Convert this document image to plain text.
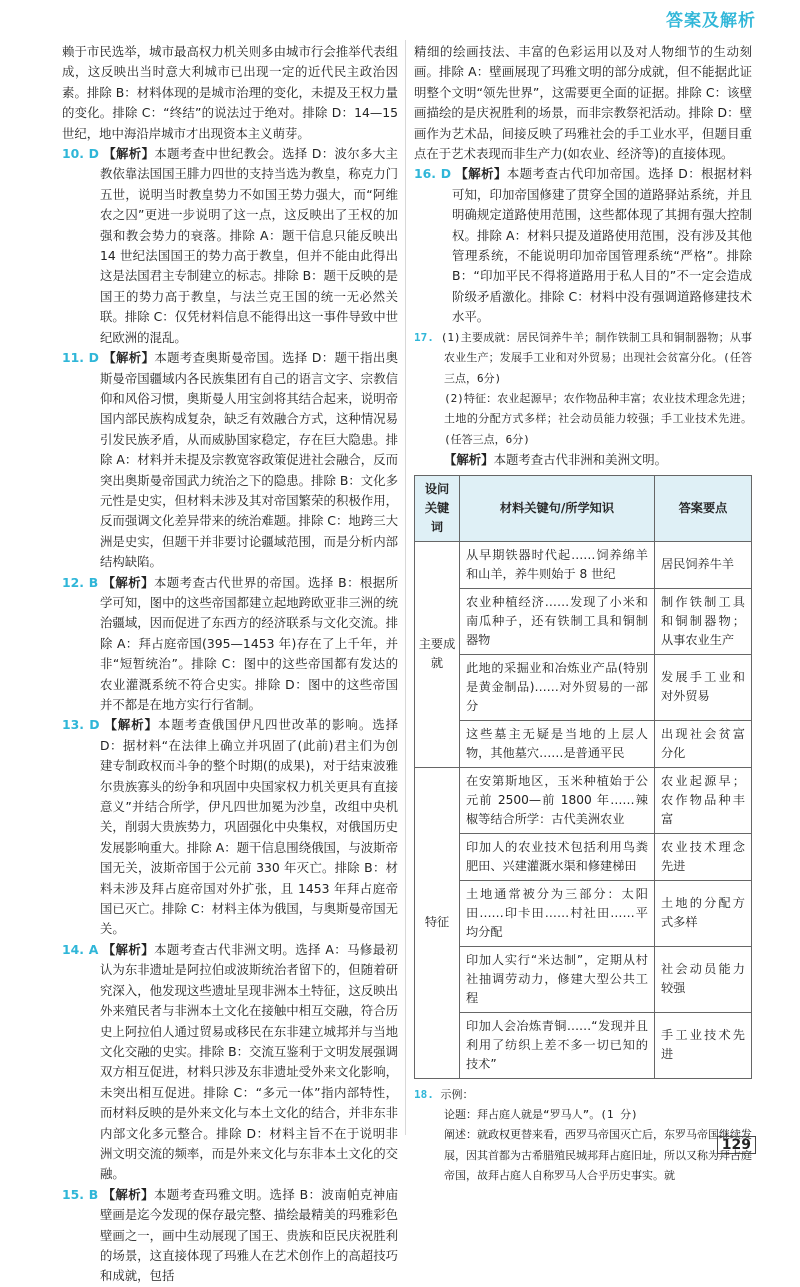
答案及解析

赖于市民选举，城市最高权力机关则多由城市行会推举代表组成，这反映出当时意大利城市已出现一定的近代民主政治因素。排除 B：材料体现的是城市治理的变化，未提及王权力量的变化。排除 C：“终结”的说法过于绝对。排除 D：14—15世纪，地中海沿岸城市才出现资本主义萌芽。

10. D 【解析】本题考查中世纪教会。选择 D：波尔多大主教依靠法国国王腓力四世的支持当选为教皇，称克力门五世，说明当时教皇势力不如国王势力强大，而“阿维农之囚”更进一步说明了这一点，这反映出了王权的加强和教会势力的衰落。排除 A：题干信息只能反映出 14 世纪法国国王的势力高于教皇，但并不能由此得出这是法国君主专制建立的标志。排除 B：题干反映的是国王的势力高于教皇，与法兰克王国的统一无必然关联。排除 C：仅凭材料信息不能得出这一事件导致中世纪欧洲的混乱。

11. D 【解析】本题考查奥斯曼帝国。选择 D：题干指出奥斯曼帝国疆域内各民族集团有自己的语言文字、宗教信仰和风俗习惯，奥斯曼人用宝剑将其结合起来，说明帝国内部民族构成复杂，缺乏有效融合方式，这种情况易引发民族矛盾，从而威胁国家稳定，存在巨大隐患。排除 A：材料并未提及宗教宽容政策促进社会融合，反而突出奥斯曼帝国武力统治之下的隐患。排除 B：文化多元性是史实，但材料未涉及其对帝国繁荣的积极作用，反而强调文化差异带来的统治难题。排除 C：地跨三大洲是史实，但题干并非要讨论疆域范围，而是分析内部结构缺陷。

12. B 【解析】本题考查古代世界的帝国。选择 B：根据所学可知，图中的这些帝国都建立起地跨欧亚非三洲的统治疆域，因而促进了东西方的经济联系与文化交流。排除 A：拜占庭帝国(395—1453 年)存在了上千年，并非“短暂统治”。排除 C：图中的这些帝国都有发达的农业灌溉系统不符合史实。排除 D：图中的这些帝国并不都是在地方实行行省制。

13. D 【解析】本题考查俄国伊凡四世改革的影响。选择 D：据材料“在法律上确立并巩固了(此前)君主们为创建专制政权而斗争的整个时期(的成果)，对于结束波雅尔贵族寡头的纷争和巩固中央国家权力机关更具有直接意义”并结合所学，伊凡四世加冕为沙皇，改组中央机关，削弱大贵族势力，巩固强化中央集权，对俄国历史发展影响重大。排除 A：题干信息围绕俄国，与波斯帝国无关，波斯帝国于公元前 330 年灭亡。排除 B：材料未涉及拜占庭帝国对外扩张，且 1453 年拜占庭帝国已灭亡。排除 C：材料主体为俄国，与奥斯曼帝国无关。

14. A 【解析】本题考查古代非洲文明。选择 A：马修最初认为东非遗址是阿拉伯或波斯统治者留下的，但随着研究深入，他发现这些遗址呈现非洲本土特征，这反映出外来殖民者与非洲本土文化在接触中相互交融，符合历史上阿拉伯人通过贸易或移民在东非建立城邦并与当地文化交融的史实。排除 B：交流互鉴利于文明发展强调双方相互促进，材料只涉及东非遗址受外来文化影响，未突出相互促进。排除 C：“多元一体”指内部特性，而材料反映的是外来文化与本土文化的结合，并非东非内部文化多元整合。排除 D：材料主旨不在于说明非洲文明交流的频率，而是外来文化与东非本土文化的交融。

15. B 【解析】本题考查玛雅文明。选择 B：波南帕克神庙壁画是迄今发现的保存最完整、描绘最精美的玛雅彩色壁画之一，画中生动展现了国王、贵族和臣民庆祝胜利的场景，这直接体现了玛雅人在艺术创作上的高超技巧和成就，包括

精细的绘画技法、丰富的色彩运用以及对人物细节的生动刻画。排除 A：壁画展现了玛雅文明的部分成就，但不能据此证明整个文明“领先世界”，这需要更全面的证据。排除 C：该壁画描绘的是庆祝胜利的场景，而非宗教祭祀活动。排除 D：壁画作为艺术品，间接反映了玛雅社会的手工业水平，但题目重点在于艺术表现而非生产力(如农业、经济等)的直接体现。

16. D 【解析】本题考查古代印加帝国。选择 D：根据材料可知，印加帝国修建了贯穿全国的道路驿站系统，并且明确规定道路使用范围，这些都体现了其拥有强大控制权。排除 A：材料只提及道路使用范围，没有涉及其他管理系统，不能说明印加帝国管理系统“严格”。排除 B：“印加平民不得将道路用于私人目的”不一定会造成阶级矛盾激化。排除 C：材料中没有强调道路修建技术水平。

17. (1)主要成就：居民饲养牛羊；制作铁制工具和铜制器物；从事农业生产；发展手工业和对外贸易；出现社会贫富分化。(任答三点，6分)

(2)特征：农业起源早；农作物品种丰富；农业技术理念先进；土地的分配方式多样；社会动员能力较强；手工业技术先进。(任答三点，6分)

【解析】本题考查古代非洲和美洲文明。

设问关键词	材料关键句/所学知识	答案要点
主要成就	从早期铁器时代起……饲养绵羊和山羊，养牛则始于 8 世纪	居民饲养牛羊
	农业种植经济……发现了小米和南瓜种子，还有铁制工具和铜制器物	制作铁制工具和铜制器物；从事农业生产
	此地的采掘业和冶炼业产品(特别是黄金制品)……对外贸易的一部分	发展手工业和对外贸易
	这些墓主无疑是当地的上层人物，其他墓穴……是普通平民	出现社会贫富分化
特征	在安第斯地区，玉米种植始于公元前 2500—前 1800 年……辣椒等结合所学：古代美洲农业	农业起源早；农作物品种丰富
	印加人的农业技术包括利用鸟粪肥田、兴建灌溉水渠和修建梯田	农业技术理念先进
	土地通常被分为三部分：太阳田……印卡田……村社田……平均分配	土地的分配方式多样
	印加人实行“米达制”，定期从村社抽调劳动力，修建大型公共工程	社会动员能力较强
	印加人会冶炼青铜……“发现并且利用了纺织上差不多一切已知的技术”	手工业技术先进

18. 示例：

论题：拜占庭人就是“罗马人”。(1 分)

阐述：就政权更替来看，西罗马帝国灭亡后，东罗马帝国继续发展，因其首都为古希腊殖民城邦拜占庭旧址，所以又称为拜占庭帝国，故拜占庭人自称罗马人合乎历史事实。就

129
